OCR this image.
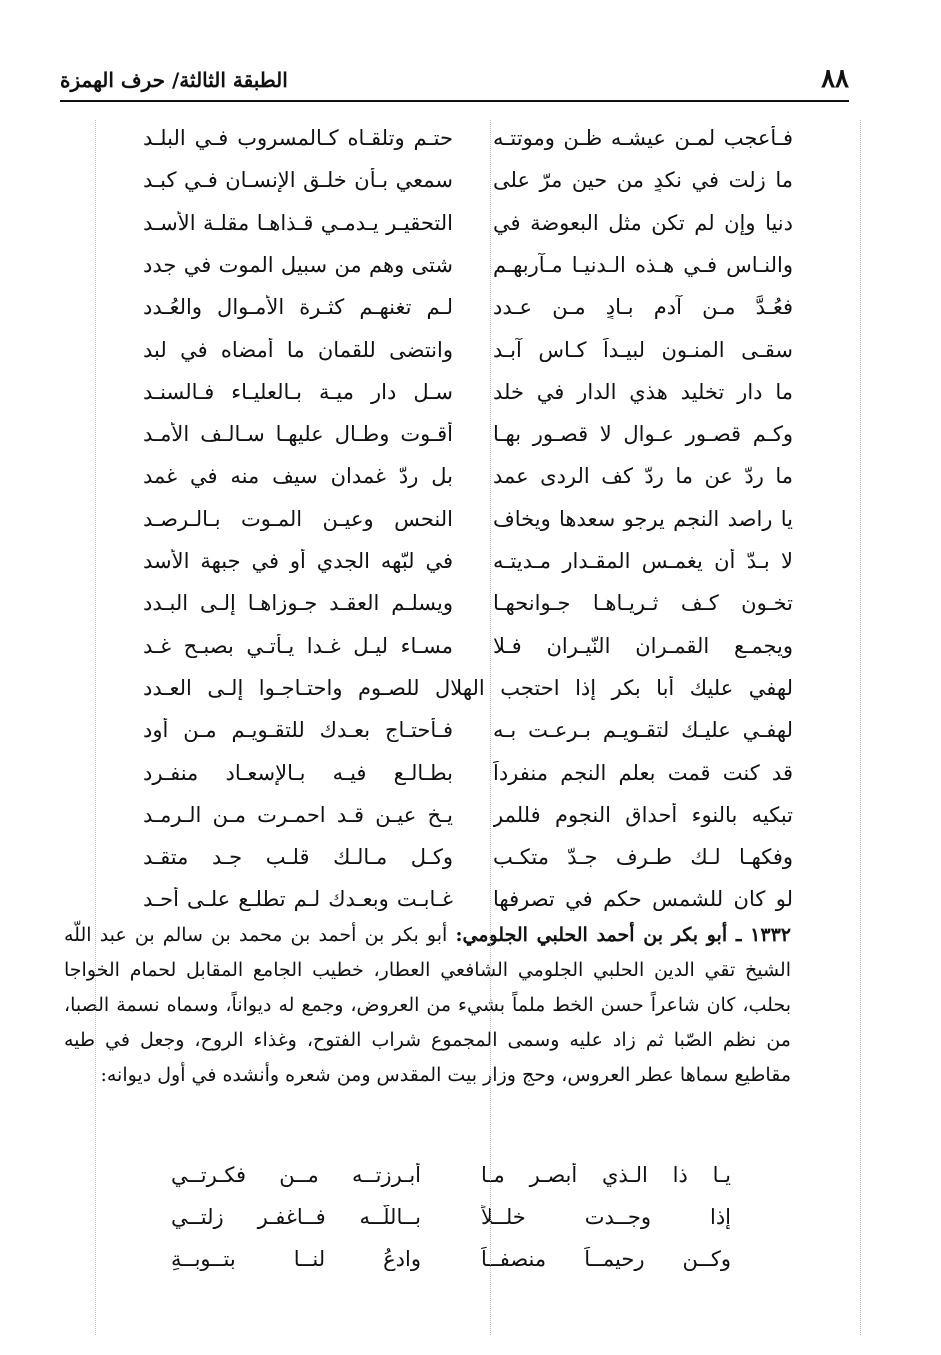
٨٨
الطبقة الثالثة/ حرف الهمزة
فـأعجب لمـن عيشـه ظـن وموتتـه
حتـم وتلقـاه كـالمسروب فـي البلـد
ما زلت في نكدٍ من حين مرّ على
سمعي بـأن خلـق الإنسـان فـي كبـد
دنيا وإن لم تكن مثل البعوضة في
التحقيـر يـدمـي قـذاهـا مقلـة الأسـد
والنـاس فـي هـذه الـدنيـا مـآربهـم
شتى وهم من سبيل الموت في جدد
فعُـدَّ مـن آدم بـادٍ مـن عـدد
لـم تغنهـم كثـرة الأمـوال والعُـدد
سقـى المنـون لبيـداً كـاس آبـد
وانتضى للقمان ما أمضاه في لبد
ما دار تخليد هذي الدار في خلد
سـل دار ميـة بـالعليـاء فـالسنـد
وكـم قصـور عـوال لا قصـور بهـا
أقـوت وطـال عليهـا سـالـف الأمـد
ما ردّ عن ما ردّ كف الردى عمد
بل ردّ غمدان سيف منه في غمد
يا راصد النجم يرجو سعدها ويخاف
النحس وعيـن المـوت بـالـرصـد
لا بـدّ أن يغمـس المقـدار مـديتـه
في لبّهه الجدي أو في جبهة الأسد
تخـون كـف ثـريـاهـا جـوانحهـا
ويسلـم العقـد جـوزاهـا إلـى البـدد
ويجمـع القمـران النّيـران فـلا
مسـاء ليـل غـدا يـأتـي بصبـح غـد
لهفي عليك أبا بكر إذا احتجب الهلال للصـوم واحتـاجـوا إلـى العـدد
لهفـي عليـك لتقـويـم بـرعـت بـه
فـأحتـاج بعـدك للتقـويـم مـن أود
قد كنت قمت بعلم النجم منفرداً
بطـالـع فيـه بـالإسعـاد منفـرد
تبكيه بالنوء أحداق النجوم فللمر
يـخ عيـن قـد احمـرت مـن الـرمـد
وفكهـا لـك طـرف جـدّ متكـب
وكـل مـالـك قلـب جـد متقـد
لو كان للشمس حكم في تصرفها
غـابـت وبعـدك لـم تطلـع علـى أحـد
١٣٣٢ ـ أبو بكر بن أحمد الحلبي الجلومي: أبو بكر بن أحمد بن محمد بن سالم بن عبد اللّه الشيخ تقي الدين الحلبي الجلومي الشافعي العطار، خطيب الجامع المقابل لحمام الخواجا بحلب، كان شاعراً حسن الخط ملماً بشيء من العروض، وجمع له ديواناً، وسماه نسمة الصبا، من نظم الصّبا ثم زاد عليه وسمى المجموع شراب الفتوح، وغذاء الروح، وجعل في طيه مقاطيع سماها عطر العروس، وحج وزار بيت المقدس ومن شعره وأنشده في أول ديوانه:
يـا ذا الـذي أبصـر مـا
أبـرزتــه مــن فكـرتــي
إذا وجــدت خلــلاً
بــاللّــه فــاغفـر زلتــي
وكــن رحيمــاً منصفــاً
وادعُ لنــا بتــوبــةِ
